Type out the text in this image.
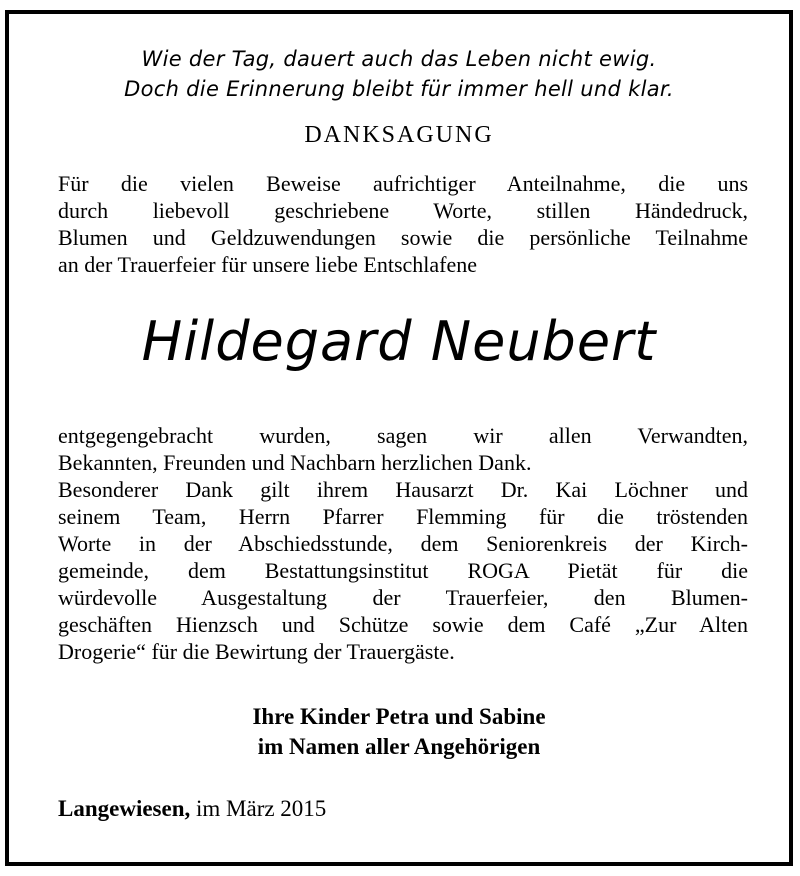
Wie der Tag, dauert auch das Leben nicht ewig.
Doch die Erinnerung bleibt für immer hell und klar.
DANKSAGUNG
Für die vielen Beweise aufrichtiger Anteilnahme, die uns
durch liebevoll geschriebene Worte, stillen Händedruck,
Blumen und Geldzuwendungen sowie die persönliche Teilnahme
an der Trauerfeier für unsere liebe Entschlafene
Hildegard Neubert
entgegengebracht wurden, sagen wir allen Verwandten,
Bekannten, Freunden und Nachbarn herzlichen Dank.
Besonderer Dank gilt ihrem Hausarzt Dr. Kai Löchner und
seinem Team, Herrn Pfarrer Flemming für die tröstenden
Worte in der Abschiedsstunde, dem Seniorenkreis der Kirch-
gemeinde, dem Bestattungsinstitut ROGA Pietät für die
würdevolle Ausgestaltung der Trauerfeier, den Blumen-
geschäften Hienzsch und Schütze sowie dem Café „Zur Alten
Drogerie“ für die Bewirtung der Trauergäste.
Ihre Kinder Petra und Sabine
im Namen aller Angehörigen
Langewiesen, im März 2015
